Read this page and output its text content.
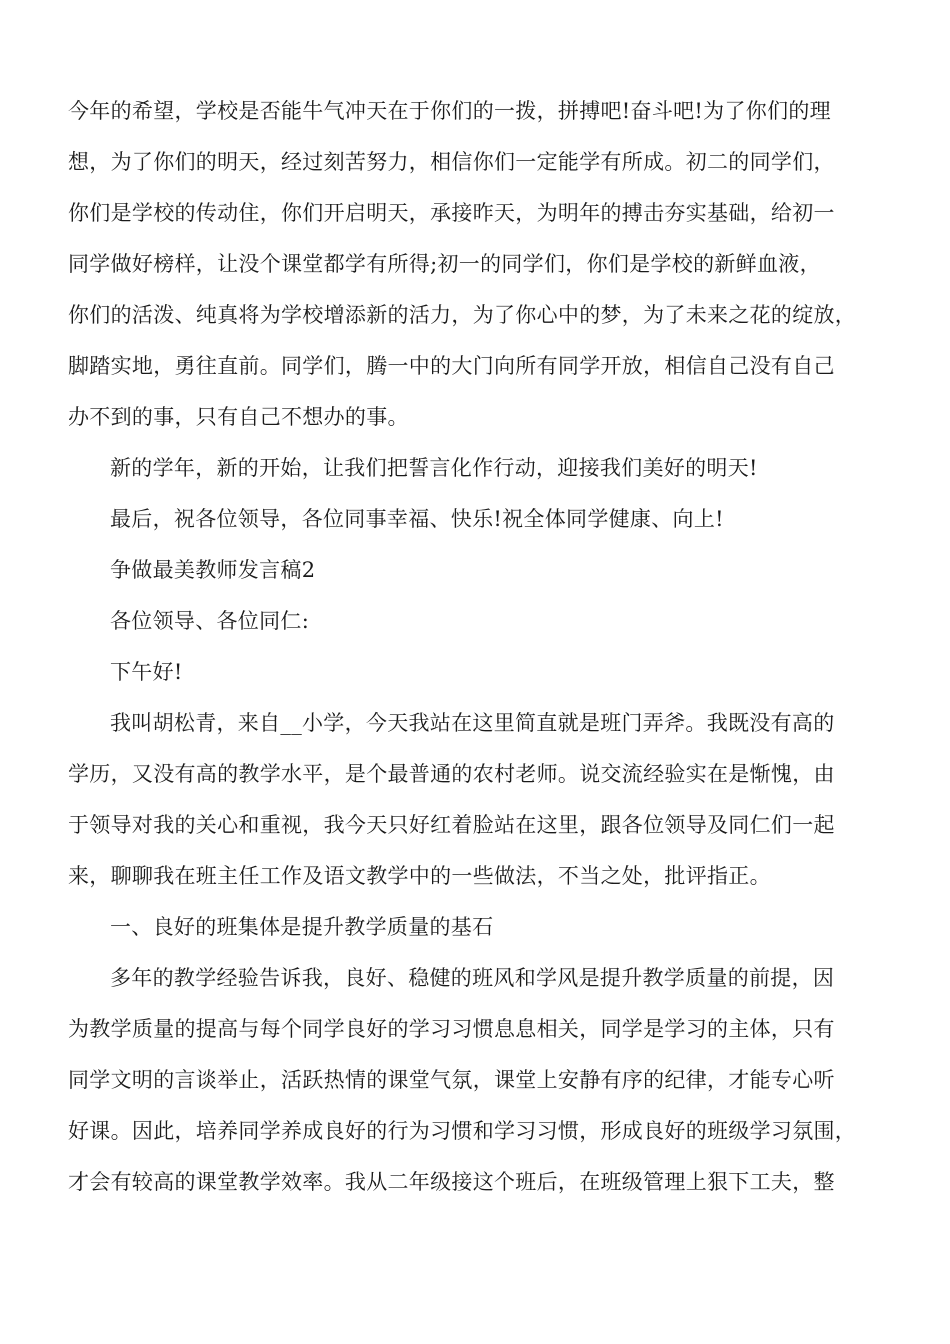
今年的希望，学校是否能牛气冲天在于你们的一拨，拼搏吧!奋斗吧!为了你们的理
想，为了你们的明天，经过刻苦努力，相信你们一定能学有所成。初二的同学们，
你们是学校的传动住，你们开启明天，承接昨天，为明年的搏击夯实基础，给初一
同学做好榜样，让没个课堂都学有所得;初一的同学们，你们是学校的新鲜血液，
你们的活泼、纯真将为学校增添新的活力，为了你心中的梦，为了未来之花的绽放，
脚踏实地，勇往直前。同学们，腾一中的大门向所有同学开放，相信自己没有自己
办不到的事，只有自己不想办的事。
新的学年，新的开始，让我们把誓言化作行动，迎接我们美好的明天!
最后，祝各位领导，各位同事幸福、快乐!祝全体同学健康、向上!
争做最美教师发言稿2
各位领导、各位同仁:
下午好!
我叫胡松青，来自__小学，今天我站在这里简直就是班门弄斧。我既没有高的
学历，又没有高的教学水平，是个最普通的农村老师。说交流经验实在是惭愧，由
于领导对我的关心和重视，我今天只好红着脸站在这里，跟各位领导及同仁们一起
来，聊聊我在班主任工作及语文教学中的一些做法，不当之处，批评指正。
一、良好的班集体是提升教学质量的基石
多年的教学经验告诉我，良好、稳健的班风和学风是提升教学质量的前提，因
为教学质量的提高与每个同学良好的学习习惯息息相关，同学是学习的主体，只有
同学文明的言谈举止，活跃热情的课堂气氛，课堂上安静有序的纪律，才能专心听
好课。因此，培养同学养成良好的行为习惯和学习习惯，形成良好的班级学习氛围，
才会有较高的课堂教学效率。我从二年级接这个班后，在班级管理上狠下工夫，整
